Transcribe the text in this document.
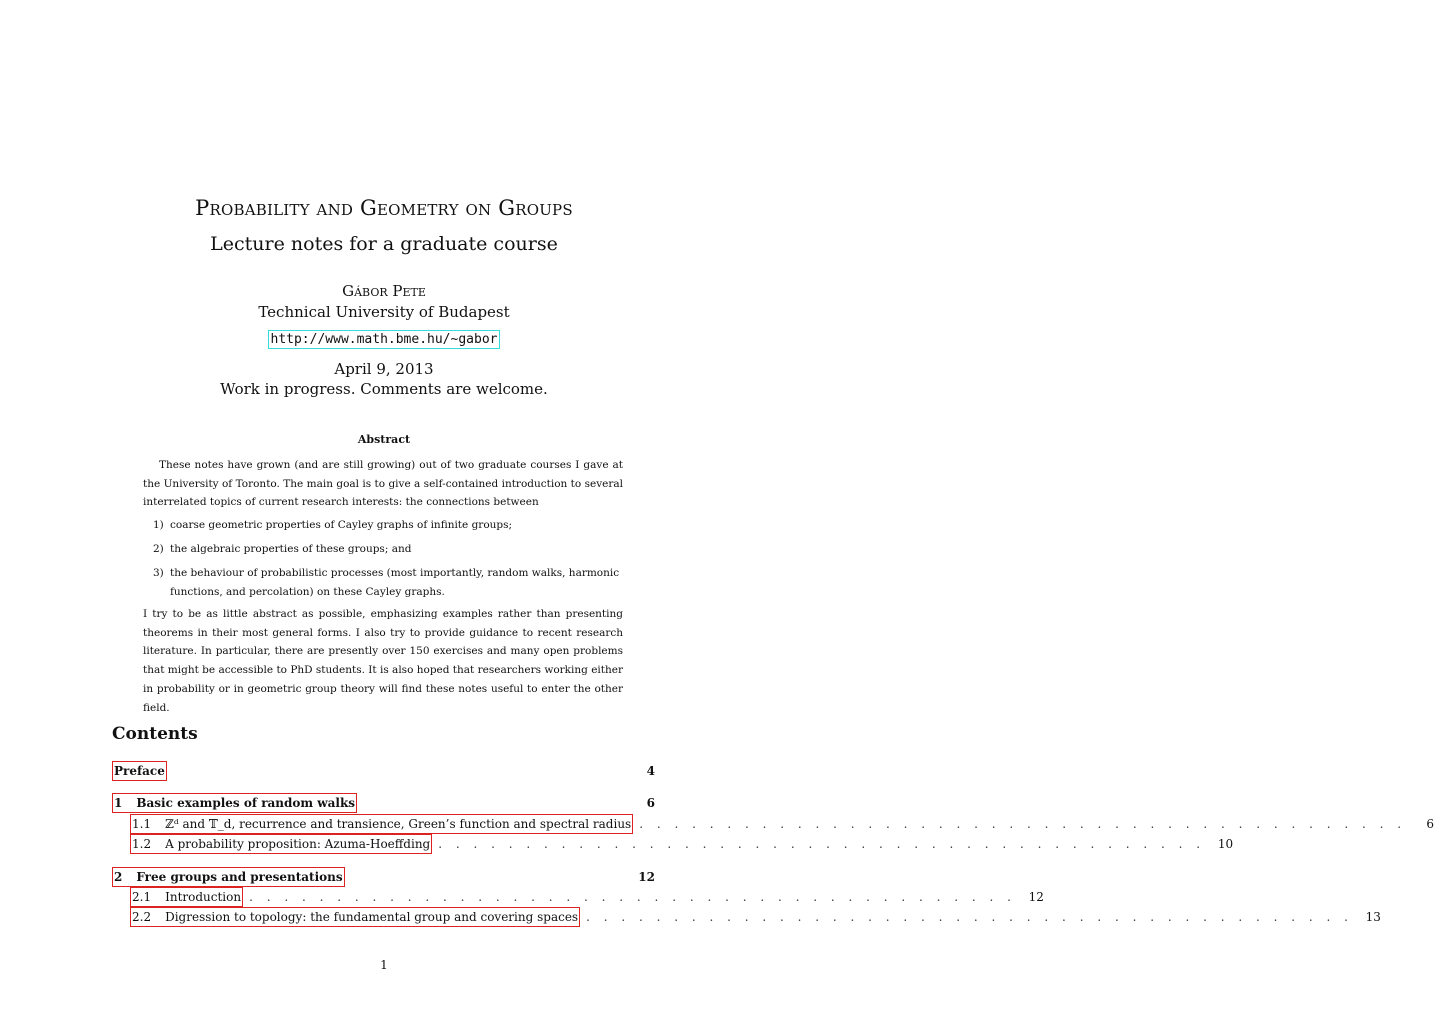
Probability and Geometry on Groups
Lecture notes for a graduate course
Gábor Pete
Technical University of Budapest
http://www.math.bme.hu/~gabor
April 9, 2013
Work in progress. Comments are welcome.
Abstract
These notes have grown (and are still growing) out of two graduate courses I gave at the University of Toronto. The main goal is to give a self-contained introduction to several interrelated topics of current research interests: the connections between
1) coarse geometric properties of Cayley graphs of infinite groups;
2) the algebraic properties of these groups; and
3) the behaviour of probabilistic processes (most importantly, random walks, harmonic functions, and percolation) on these Cayley graphs.
I try to be as little abstract as possible, emphasizing examples rather than presenting theorems in their most general forms. I also try to provide guidance to recent research literature. In particular, there are presently over 150 exercises and many open problems that might be accessible to PhD students. It is also hoped that researchers working either in probability or in geometric group theory will find these notes useful to enter the other field.
Contents
Preface	4
1 Basic examples of random walks	6
1.1 ℤᵈ and 𝕋_d, recurrence and transience, Green’s function and spectral radius . . . . . . . . . . . . . . . . . . . . . . . . . . . . . . . . . . . . . . . . . . . .	6
1.2 A probability proposition: Azuma-Hoeffding . . . . . . . . . . . . . . . . . . . . . . . . . . . . . . . . . . . . . . . . . . . .	10
2 Free groups and presentations	12
2.1 Introduction . . . . . . . . . . . . . . . . . . . . . . . . . . . . . . . . . . . . . . . . . . . .	12
2.2 Digression to topology: the fundamental group and covering spaces . . . . . . . . . . . . . . . . . . . . . . . . . . . . . . . . . . . . . . . . . . . .	13
1
